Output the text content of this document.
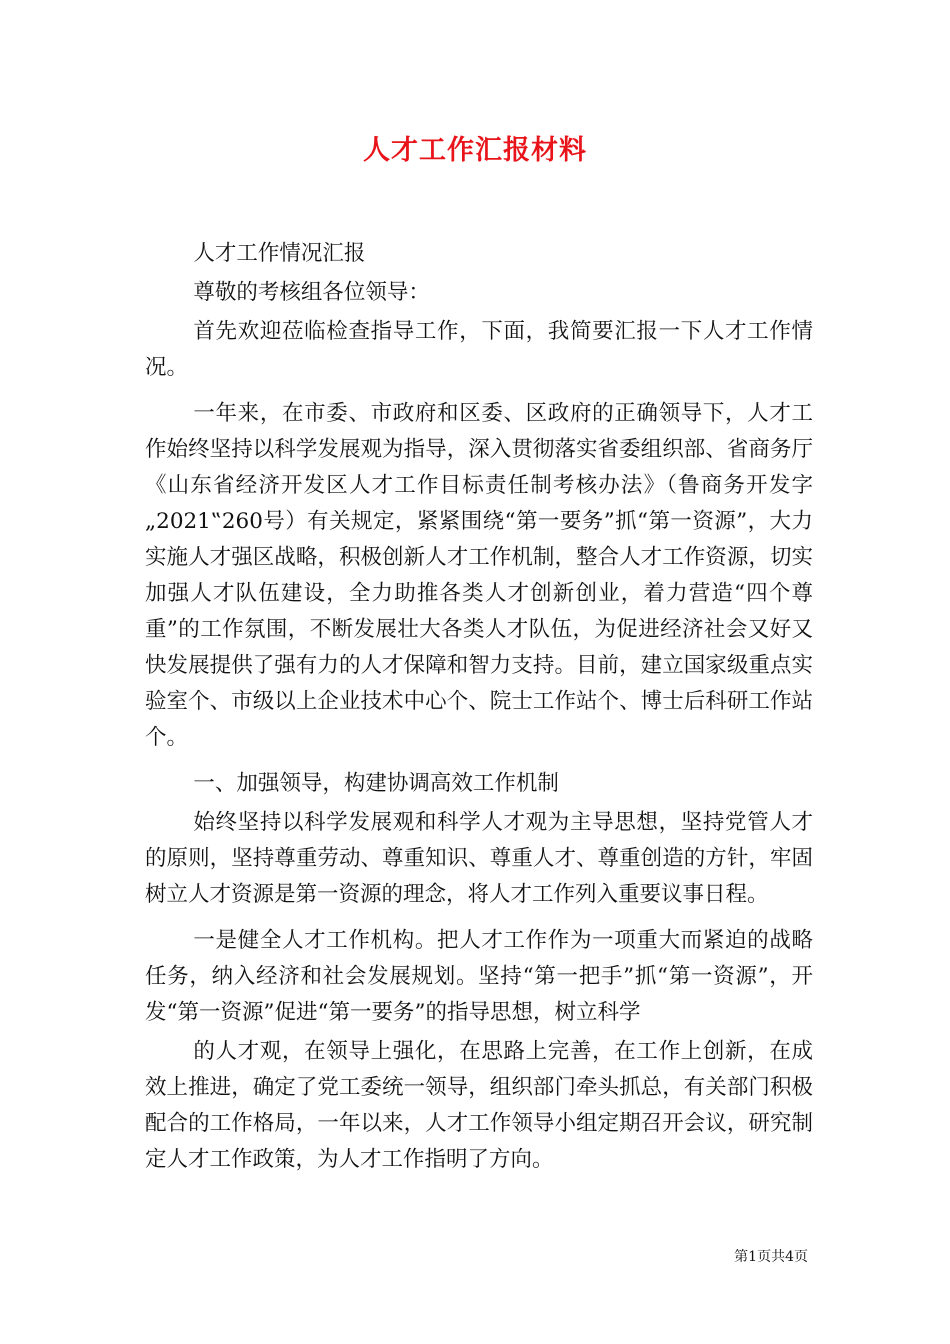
人才工作汇报材料

人才工作情况汇报

尊敬的考核组各位领导：

首先欢迎莅临检查指导工作，下面，我简要汇报一下人才工作情况。

一年来，在市委、市政府和区委、区政府的正确领导下，人才工作始终坚持以科学发展观为指导，深入贯彻落实省委组织部、省商务厅《山东省经济开发区人才工作目标责任制考核办法》（鲁商务开发字„2021‟260号）有关规定，紧紧围绕“第一要务”抓“第一资源”，大力实施人才强区战略，积极创新人才工作机制，整合人才工作资源，切实加强人才队伍建设，全力助推各类人才创新创业，着力营造“四个尊重”的工作氛围，不断发展壮大各类人才队伍，为促进经济社会又好又快发展提供了强有力的人才保障和智力支持。目前，建立国家级重点实验室个、市级以上企业技术中心个、院士工作站个、博士后科研工作站个。

一、加强领导，构建协调高效工作机制

始终坚持以科学发展观和科学人才观为主导思想，坚持党管人才的原则，坚持尊重劳动、尊重知识、尊重人才、尊重创造的方针，牢固树立人才资源是第一资源的理念，将人才工作列入重要议事日程。

一是健全人才工作机构。把人才工作作为一项重大而紧迫的战略任务，纳入经济和社会发展规划。坚持“第一把手”抓“第一资源”，开发“第一资源”促进“第一要务”的指导思想，树立科学

的人才观，在领导上强化，在思路上完善，在工作上创新，在成效上推进，确定了党工委统一领导，组织部门牵头抓总，有关部门积极配合的工作格局，一年以来，人才工作领导小组定期召开会议，研究制定人才工作政策，为人才工作指明了方向。

第1页共4页
